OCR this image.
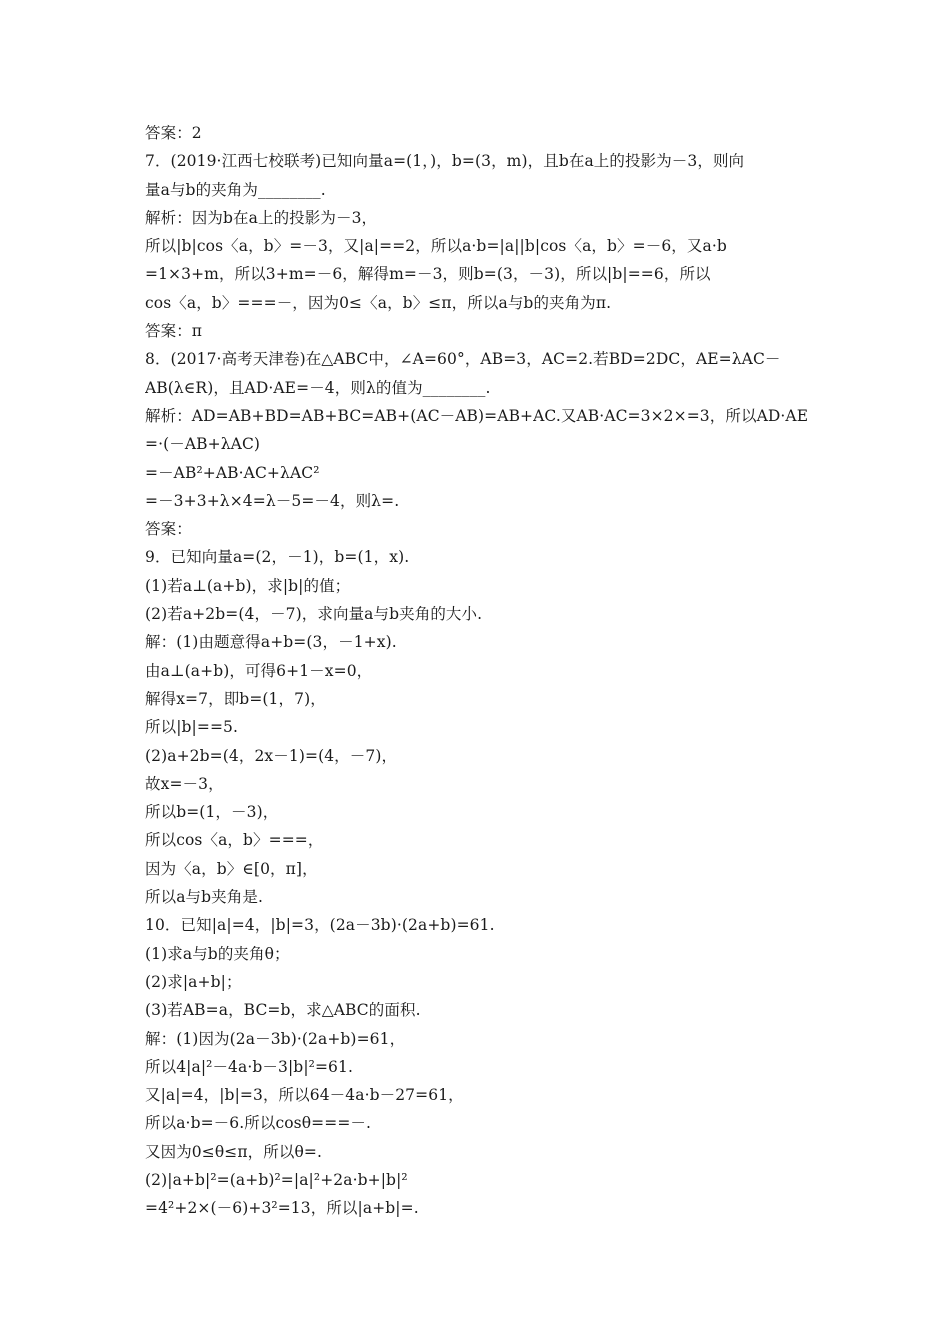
答案：2
7．(2019·江西七校联考)已知向量a=(1，)，b=(3，m)，且b在a上的投影为－3，则向
量a与b的夹角为________.
解析：因为b在a上的投影为－3，
所以|b|cos〈a，b〉=－3，又|a|==2，所以a·b=|a||b|cos〈a，b〉=－6，又a·b
=1×3+m，所以3+m=－6，解得m=－3，则b=(3，－3)，所以|b|==6，所以
cos〈a，b〉===－，因为0≤〈a，b〉≤π，所以a与b的夹角为π.
答案：π
8．(2017·高考天津卷)在△ABC中，∠A=60°，AB=3，AC=2.若BD=2DC，AE=λAC－
AB(λ∈R)，且AD·AE=－4，则λ的值为________.
解析：AD=AB+BD=AB+BC=AB+(AC－AB)=AB+AC.又AB·AC=3×2×=3，所以AD·AE
=·(－AB+λAC)
=－AB²+AB·AC+λAC²
=－3+3+λ×4=λ－5=－4，则λ=.
答案：
9．已知向量a=(2，－1)，b=(1，x).
(1)若a⊥(a+b)，求|b|的值；
(2)若a+2b=(4，－7)，求向量a与b夹角的大小.
解：(1)由题意得a+b=(3，－1+x).
由a⊥(a+b)，可得6+1－x=0，
解得x=7，即b=(1，7)，
所以|b|==5.
(2)a+2b=(4，2x－1)=(4，－7)，
故x=－3，
所以b=(1，－3)，
所以cos〈a，b〉===，
因为〈a，b〉∈[0，π]，
所以a与b夹角是.
10．已知|a|=4，|b|=3，(2a－3b)·(2a+b)=61.
(1)求a与b的夹角θ；
(2)求|a+b|；
(3)若AB=a，BC=b，求△ABC的面积.
解：(1)因为(2a－3b)·(2a+b)=61，
所以4|a|²－4a·b－3|b|²=61.
又|a|=4，|b|=3，所以64－4a·b－27=61，
所以a·b=－6.所以cosθ===－.
又因为0≤θ≤π，所以θ=.
(2)|a+b|²=(a+b)²=|a|²+2a·b+|b|²
=4²+2×(－6)+3²=13，所以|a+b|=.
